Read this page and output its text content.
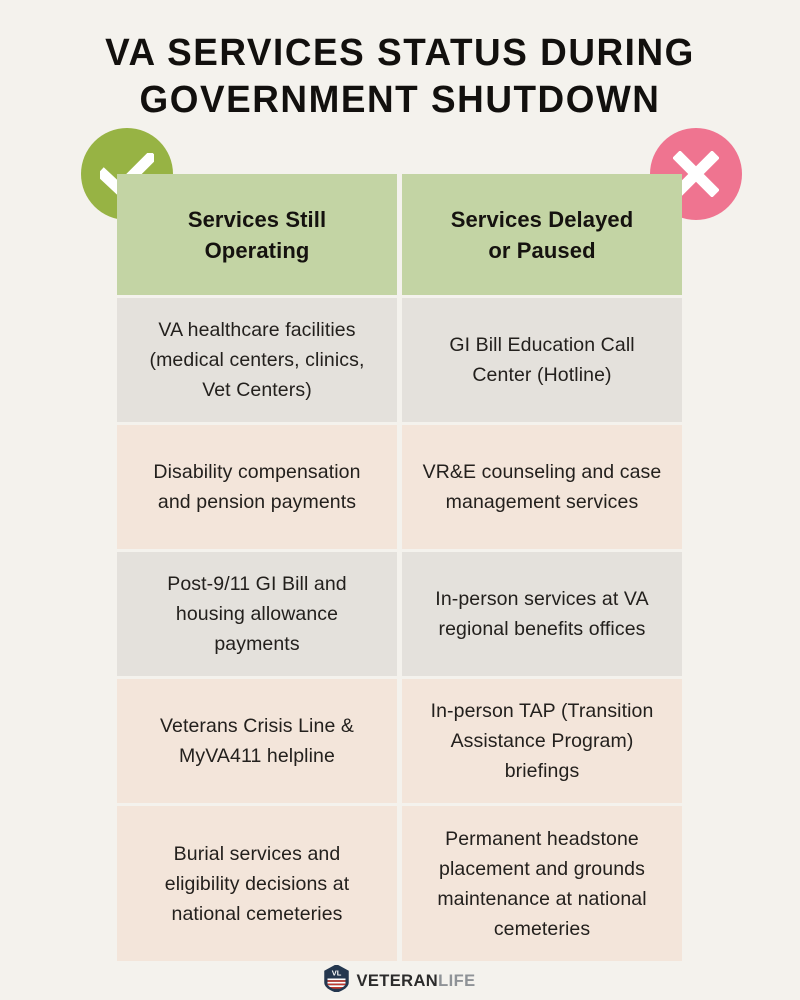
VA SERVICES STATUS DURING
GOVERNMENT SHUTDOWN
Services Still
Operating
Services Delayed
or Paused
VA healthcare facilities (medical centers, clinics, Vet Centers)
GI Bill Education Call Center (Hotline)
Disability compensation and pension payments
VR&E counseling and case management services
Post-9/11 GI Bill and housing allowance payments
In-person services at VA regional benefits offices
Veterans Crisis Line & MyVA411 helpline
In-person TAP (Transition Assistance Program) briefings
Burial services and eligibility decisions at national cemeteries
Permanent headstone placement and grounds maintenance at national cemeteries
VL VETERANLIFE
